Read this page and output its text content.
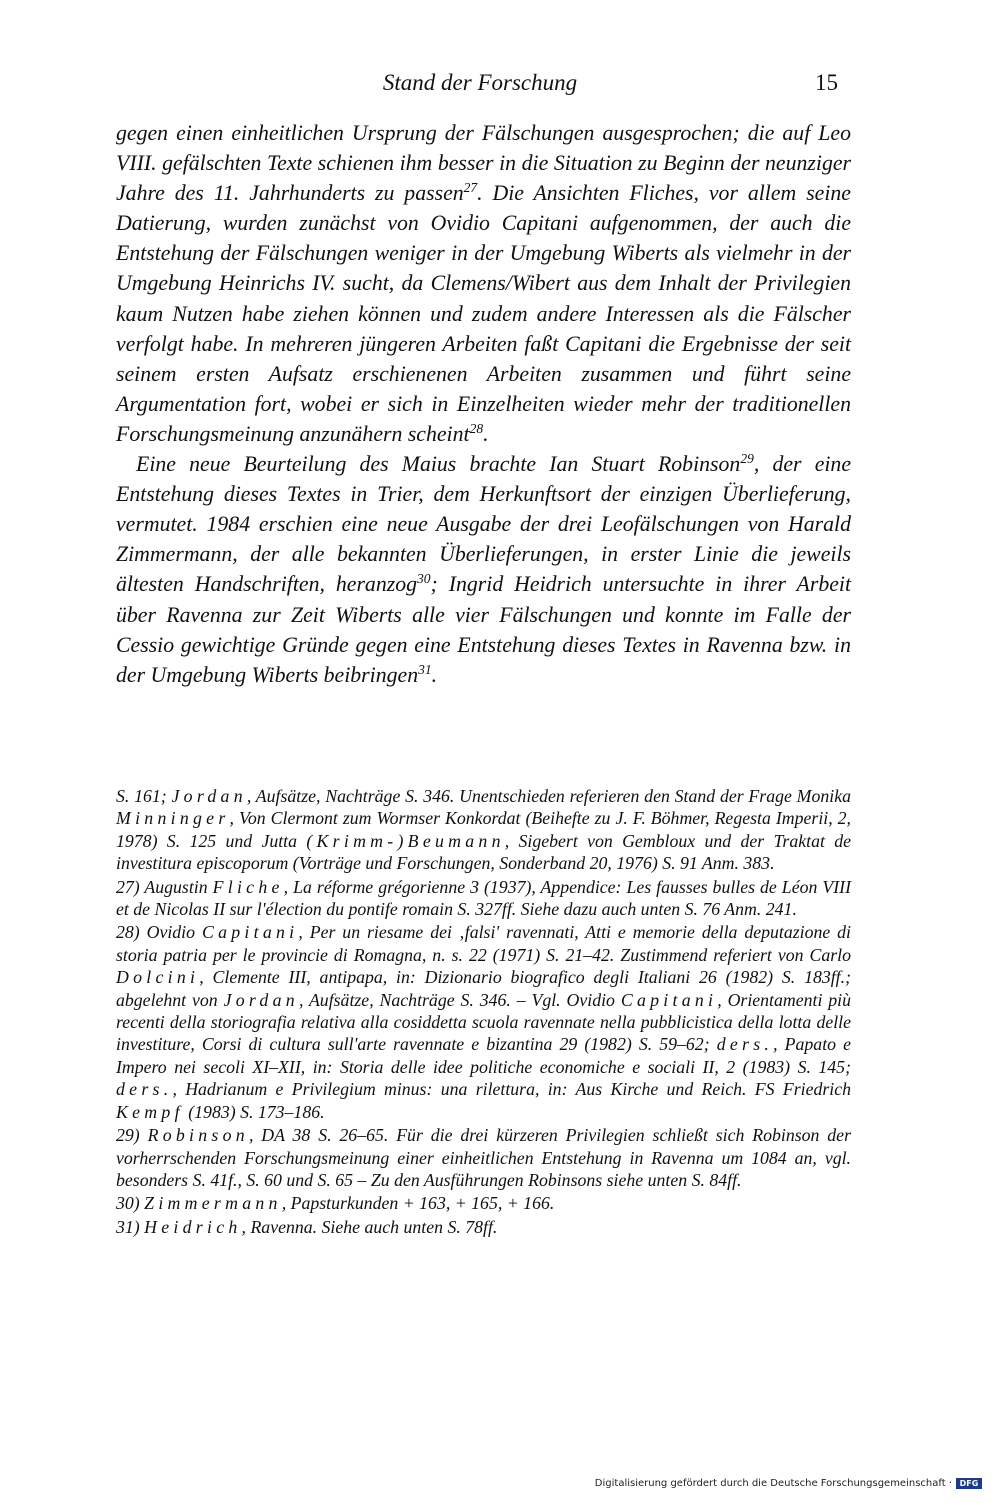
Stand der Forschung	15

gegen einen einheitlichen Ursprung der Fälschungen ausgesprochen; die auf Leo VIII. gefälschten Texte schienen ihm besser in die Situation zu Beginn der neunziger Jahre des 11. Jahrhunderts zu passen$^{27}$. Die Ansichten Fliches, vor allem seine Datierung, wurden zunächst von Ovidio Capitani aufgenommen, der auch die Entstehung der Fälschungen weniger in der Umgebung Wiberts als vielmehr in der Umgebung Heinrichs IV. sucht, da Clemens/Wibert aus dem Inhalt der Privilegien kaum Nutzen habe ziehen können und zudem andere Interessen als die Fälscher verfolgt habe. In mehreren jüngeren Arbeiten faßt Capitani die Ergebnisse der seit seinem ersten Aufsatz erschienenen Arbeiten zusammen und führt seine Argumentation fort, wobei er sich in Einzelheiten wieder mehr der traditionellen Forschungsmeinung anzunähern scheint$^{28}$.

Eine neue Beurteilung des Maius brachte Ian Stuart Robinson$^{29}$, der eine Entstehung dieses Textes in Trier, dem Herkunftsort der einzigen Überlieferung, vermutet. 1984 erschien eine neue Ausgabe der drei Leofälschungen von Harald Zimmermann, der alle bekannten Überlieferungen, in erster Linie die jeweils ältesten Handschriften, heranzog$^{30}$; Ingrid Heidrich untersuchte in ihrer Arbeit über Ravenna zur Zeit Wiberts alle vier Fälschungen und konnte im Falle der Cessio gewichtige Gründe gegen eine Entstehung dieses Textes in Ravenna bzw. in der Umgebung Wiberts beibringen$^{31}$.

S. 161; Jordan, Aufsätze, Nachträge S. 346. Unentschieden referieren den Stand der Frage Monika Minninger, Von Clermont zum Wormser Konkordat (Beihefte zu J. F. Böhmer, Regesta Imperii, 2, 1978) S. 125 und Jutta (Krimm-)Beumann, Sigebert von Gembloux und der Traktat de investitura episcoporum (Vorträge und Forschungen, Sonderband 20, 1976) S. 91 Anm. 383.

27) Augustin Fliche, La réforme grégorienne 3 (1937), Appendice: Les fausses bulles de Léon VIII et de Nicolas II sur l'élection du pontife romain S. 327ff. Siehe dazu auch unten S. 76 Anm. 241.

28) Ovidio Capitani, Per un riesame dei ‚falsi' ravennati, Atti e memorie della deputazione di storia patria per le provincie di Romagna, n. s. 22 (1971) S. 21–42. Zustimmend referiert von Carlo Dolcini, Clemente III, antipapa, in: Dizionario biografico degli Italiani 26 (1982) S. 183ff.; abgelehnt von Jordan, Aufsätze, Nachträge S. 346. – Vgl. Ovidio Capitani, Orientamenti più recenti della storiografia relativa alla cosiddetta scuola ravennate nella pubblicistica della lotta delle investiture, Corsi di cultura sull'arte ravennate e bizantina 29 (1982) S. 59–62; ders., Papato e Impero nei secoli XI–XII, in: Storia delle idee politiche economiche e sociali II, 2 (1983) S. 145; ders., Hadrianum e Privilegium minus: una rilettura, in: Aus Kirche und Reich. FS Friedrich Kempf (1983) S. 173–186.

29) Robinson, DA 38 S. 26–65. Für die drei kürzeren Privilegien schließt sich Robinson der vorherrschenden Forschungsmeinung einer einheitlichen Entstehung in Ravenna um 1084 an, vgl. besonders S. 41f., S. 60 und S. 65 – Zu den Ausführungen Robinsons siehe unten S. 84ff.

30) Zimmermann, Papsturkunden + 163, + 165, + 166.

31) Heidrich, Ravenna. Siehe auch unten S. 78ff.

Digitalisierung gefördert durch die Deutsche Forschungsgemeinschaft · DFG
